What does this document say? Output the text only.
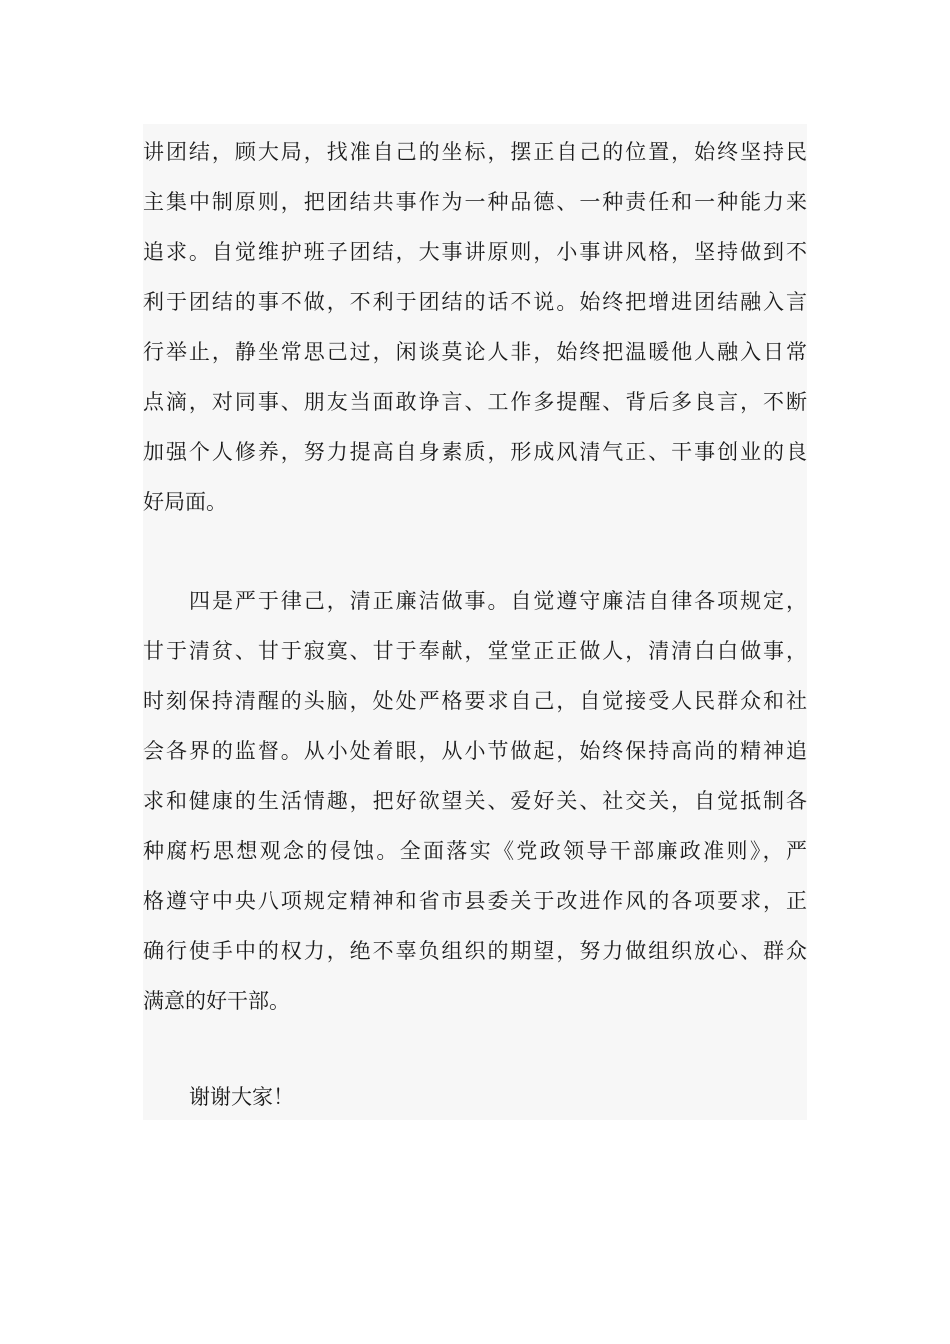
讲团结，顾大局，找准自己的坐标，摆正自己的位置，始终坚持民
主集中制原则，把团结共事作为一种品德、一种责任和一种能力来
追求。自觉维护班子团结，大事讲原则，小事讲风格，坚持做到不
利于团结的事不做，不利于团结的话不说。始终把增进团结融入言
行举止，静坐常思己过，闲谈莫论人非，始终把温暖他人融入日常
点滴，对同事、朋友当面敢诤言、工作多提醒、背后多良言，不断
加强个人修养，努力提高自身素质，形成风清气正、干事创业的良
好局面。

四是严于律己，清正廉洁做事。自觉遵守廉洁自律各项规定，
甘于清贫、甘于寂寞、甘于奉献，堂堂正正做人，清清白白做事，
时刻保持清醒的头脑，处处严格要求自己，自觉接受人民群众和社
会各界的监督。从小处着眼，从小节做起，始终保持高尚的精神追
求和健康的生活情趣，把好欲望关、爱好关、社交关，自觉抵制各
种腐朽思想观念的侵蚀。全面落实《党政领导干部廉政准则》，严
格遵守中央八项规定精神和省市县委关于改进作风的各项要求，正
确行使手中的权力，绝不辜负组织的期望，努力做组织放心、群众
满意的好干部。

谢谢大家！
